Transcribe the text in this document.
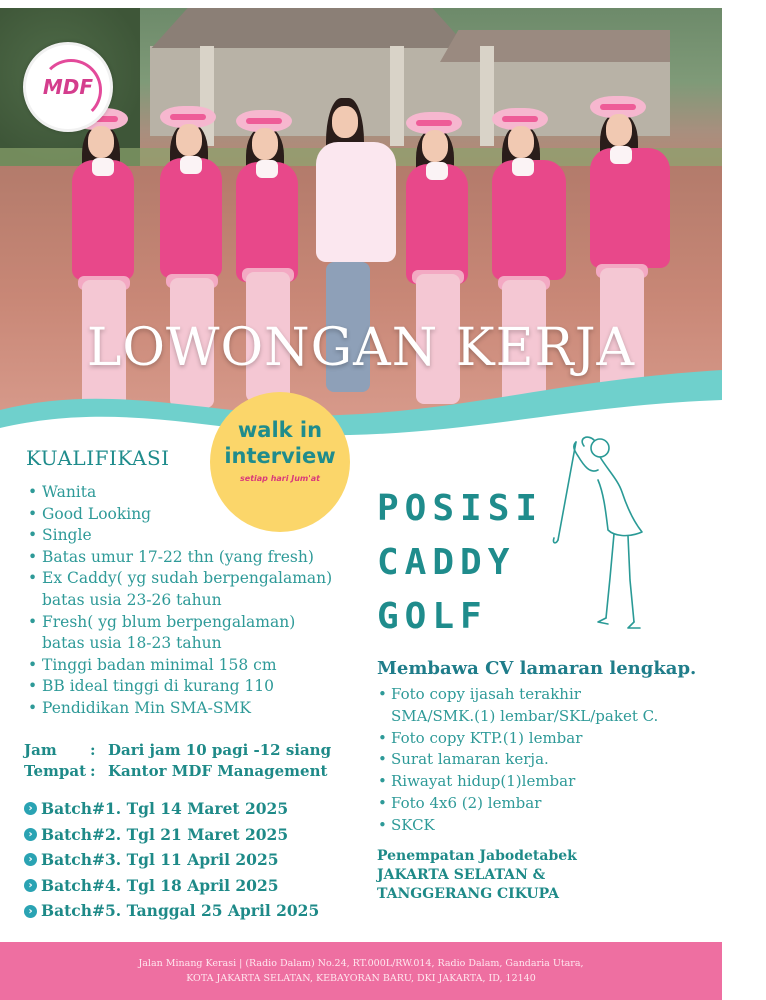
MDF
LOWONGAN KERJA
walk in
interview
setiap hari Jum'at
KUALIFIKASI
• Wanita
• Good Looking
• Single
• Batas umur 17-22 thn (yang fresh)
• Ex Caddy( yg sudah berpengalaman)
batas usia 23-26 tahun
• Fresh( yg blum berpengalaman)
batas usia 18-23 tahun
• Tinggi badan minimal 158 cm
• BB ideal tinggi di kurang 110
• Pendidikan Min SMA-SMK
Jam	: Dari jam 10 pagi -12 siang
Tempat : Kantor MDF Management
› Batch#1. Tgl 14 Maret 2025
› Batch#2. Tgl 21 Maret 2025
› Batch#3. Tgl 11 April 2025
› Batch#4. Tgl 18 April 2025
› Batch#5. Tanggal 25 April 2025
POSISI
CADDY
GOLF
Membawa CV lamaran lengkap.
• Foto copy ijasah terakhir
SMA/SMK.(1) lembar/SKL/paket C.
• Foto copy KTP.(1) lembar
• Surat lamaran kerja.
• Riwayat hidup(1)lembar
• Foto 4x6 (2) lembar
• SKCK
Penempatan Jabodetabek
JAKARTA SELATAN &
TANGGERANG CIKUPA
Jalan Minang Kerasi | (Radio Dalam) No.24, RT.000L/RW.014, Radio Dalam, Gandaria Utara,
KOTA JAKARTA SELATAN, KEBAYORAN BARU, DKI JAKARTA, ID, 12140
